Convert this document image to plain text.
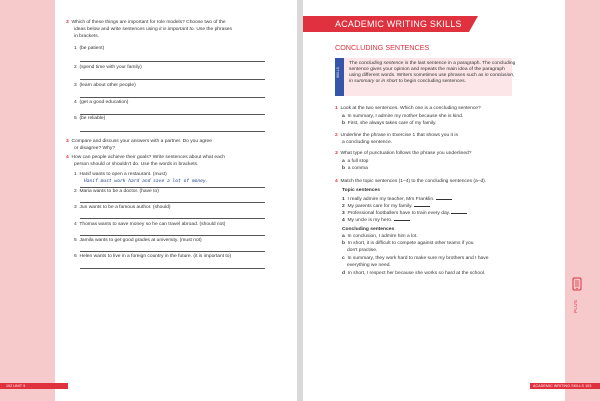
3 Which of these things are important for role models? Choose two of the
ideas below and write sentences using it is important to. Use the phrases
in brackets.
1 (be patient)
2 (spend time with your family)
3 (learn about other people)
4 (get a good education)
5 (be reliable)
3 Compare and discuss your answers with a partner. Do you agree
or disagree? Why?
4 How can people achieve their goals? Write sentences about what each
person should or shouldn't do. Use the words in brackets.
1 Hanif wants to open a restaurant. (must)
Hanif must work hard and save a lot of money.
2 Maria wants to be a doctor. (have to)
3 Jun wants to be a famous author. (should)
4 Thomas wants to save money so he can travel abroad. (should not)
5 Jamila wants to get good grades at university. (must not)
6 Helen wants to live in a foreign country in the future. (it is important to)
102 UNIT 9
ACADEMIC WRITING SKILLS
CONCLUDING SENTENCES
SKILLS
The concluding sentence is the last sentence in a paragraph. The concluding
sentence gives your opinion and repeats the main idea of the paragraph
using different words. Writers sometimes use phrases such as in conclusion,
in summary or in short to begin concluding sentences.
1 Look at the two sentences. Which one is a concluding sentence?
a In summary, I admire my mother because she is kind.
b First, she always takes care of my family.
2 Underline the phrase in Exercise 1 that shows you it is
a concluding sentence.
3 What type of punctuation follows the phrase you underlined?
a a full stop
b a comma
4 Match the topic sentences (1–4) to the concluding sentences (a–d).
Topic sentences
1 I really admire my teacher, Mrs Franklin.
2 My parents care for my family.
3 Professional footballers have to train every day.
4 My uncle is my hero.
Concluding sentences
a In conclusion, I admire him a lot.
b In short, it is difficult to compete against other teams if you
don't practise.
c In summary, they work hard to make sure my brothers and I have
everything we need.
d In short, I respect her because she works so hard at the school.
PLUS
ACADEMIC WRITING SKILLS 103
